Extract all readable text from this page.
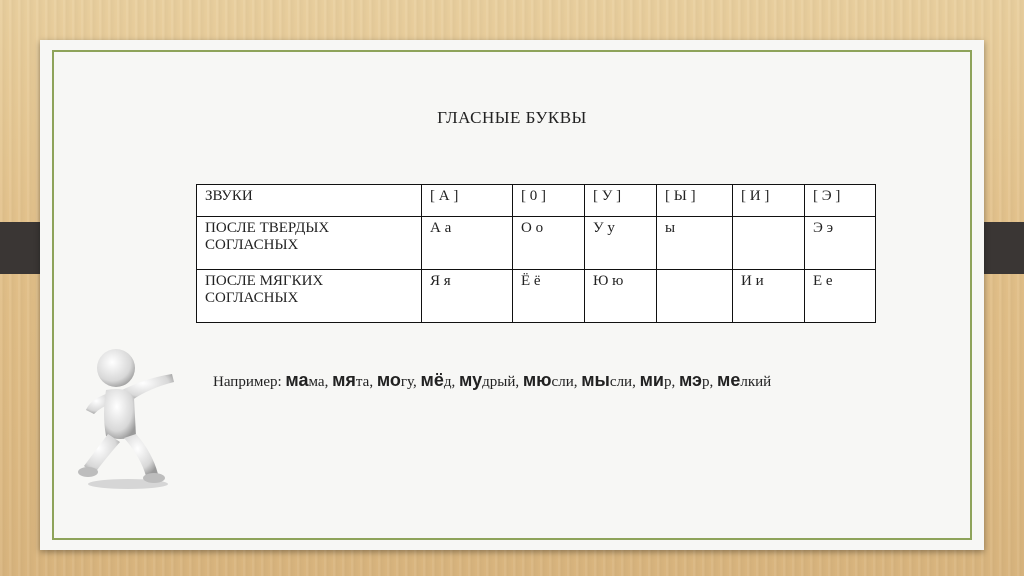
ГЛАСНЫЕ БУКВЫ
ЗВУКИ	[ А ]	[ 0 ]	[ У ]	[ Ы ]	[ И ]	[ Э ]
ПОСЛЕ ТВЕРДЫХ СОГЛАСНЫХ	А а	О о	У у	ы		Э э
ПОСЛЕ МЯГКИХ СОГЛАСНЫХ	Я я	Ё ё	Ю ю		И и	Е е
Например: мама, мята, могу, мёд, мудрый, мюсли, мысли, мир, мэр, мелкий
